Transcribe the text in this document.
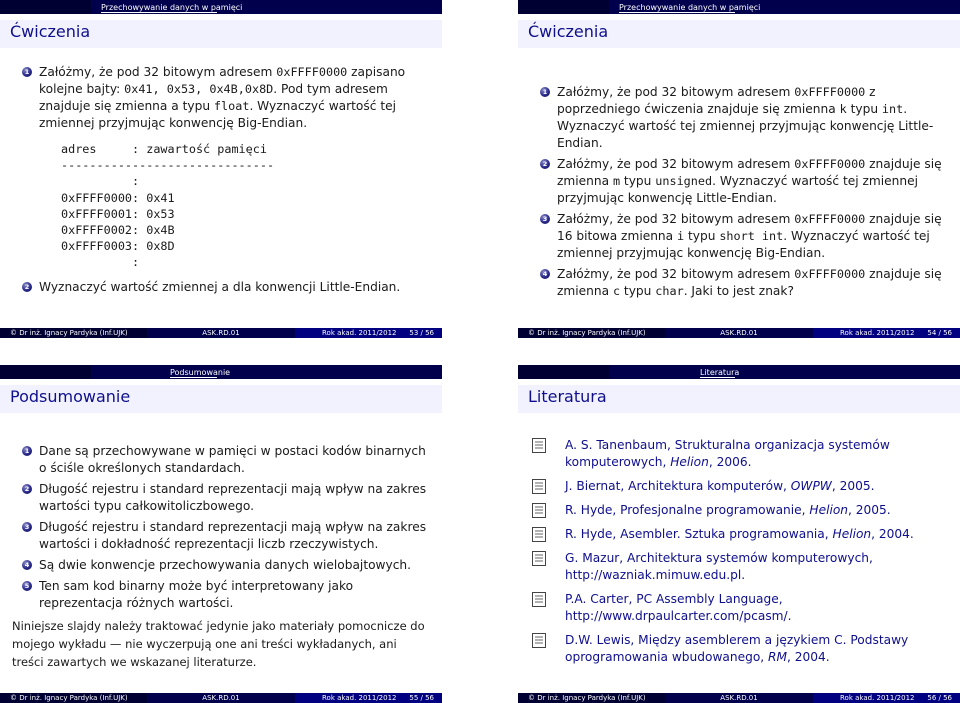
Przechowywanie danych w pamięci
Ćwiczenia
1 Załóżmy, że pod 32 bitowym adresem 0xFFFF0000 zapisano kolejne bajty: 0x41, 0x53, 0x4B,0x8D. Pod tym adresem znajduje się zmienna a typu float. Wyznaczyć wartość tej zmiennej przyjmując konwencję Big-Endian.
adres     : zawartość pamięci
------------------------------
:
0xFFFF0000: 0x41
0xFFFF0001: 0x53
0xFFFF0002: 0x4B
0xFFFF0003: 0x8D
:
2 Wyznaczyć wartość zmiennej a dla konwencji Little-Endian.
© Dr inż. Ignacy Pardyka (Inf.UJK)	ASK.RD.01	Rok akad. 2011/2012 53 / 56
Przechowywanie danych w pamięci
Ćwiczenia
1 Załóżmy, że pod 32 bitowym adresem 0xFFFF0000 z poprzedniego ćwiczenia znajduje się zmienna k typu int. Wyznaczyć wartość tej zmiennej przyjmując konwencję Little-Endian.
2 Załóżmy, że pod 32 bitowym adresem 0xFFFF0000 znajduje się zmienna m typu unsigned. Wyznaczyć wartość tej zmiennej przyjmując konwencję Little-Endian.
3 Załóżmy, że pod 32 bitowym adresem 0xFFFF0000 znajduje się 16 bitowa zmienna i typu short int. Wyznaczyć wartość tej zmiennej przyjmując konwencję Big-Endian.
4 Załóżmy, że pod 32 bitowym adresem 0xFFFF0000 znajduje się zmienna c typu char. Jaki to jest znak?
© Dr inż. Ignacy Pardyka (Inf.UJK)	ASK.RD.01	Rok akad. 2011/2012 54 / 56
Podsumowanie
Podsumowanie
1 Dane są przechowywane w pamięci w postaci kodów binarnych o ściśle określonych standardach.
2 Długość rejestru i standard reprezentacji mają wpływ na zakres wartości typu całkowitoliczbowego.
3 Długość rejestru i standard reprezentacji mają wpływ na zakres wartości i dokładność reprezentacji liczb rzeczywistych.
4 Są dwie konwencje przechowywania danych wielobajtowych.
5 Ten sam kod binarny może być interpretowany jako reprezentacja różnych wartości.
Niniejsze slajdy należy traktować jedynie jako materiały pomocnicze do mojego wykładu — nie wyczerpują one ani treści wykładanych, ani treści zawartych we wskazanej literaturze.
© Dr inż. Ignacy Pardyka (Inf.UJK)	ASK.RD.01	Rok akad. 2011/2012 55 / 56
Literatura
Literatura
A. S. Tanenbaum, Strukturalna organizacja systemów komputerowych, Helion, 2006.
J. Biernat, Architektura komputerów, OWPW, 2005.
R. Hyde, Profesjonalne programowanie, Helion, 2005.
R. Hyde, Asembler. Sztuka programowania, Helion, 2004.
G. Mazur, Architektura systemów komputerowych, http://wazniak.mimuw.edu.pl.
P.A. Carter, PC Assembly Language, http://www.drpaulcarter.com/pcasm/.
D.W. Lewis, Między asemblerem a językiem C. Podstawy oprogramowania wbudowanego, RM, 2004.
© Dr inż. Ignacy Pardyka (Inf.UJK)	ASK.RD.01	Rok akad. 2011/2012 56 / 56
